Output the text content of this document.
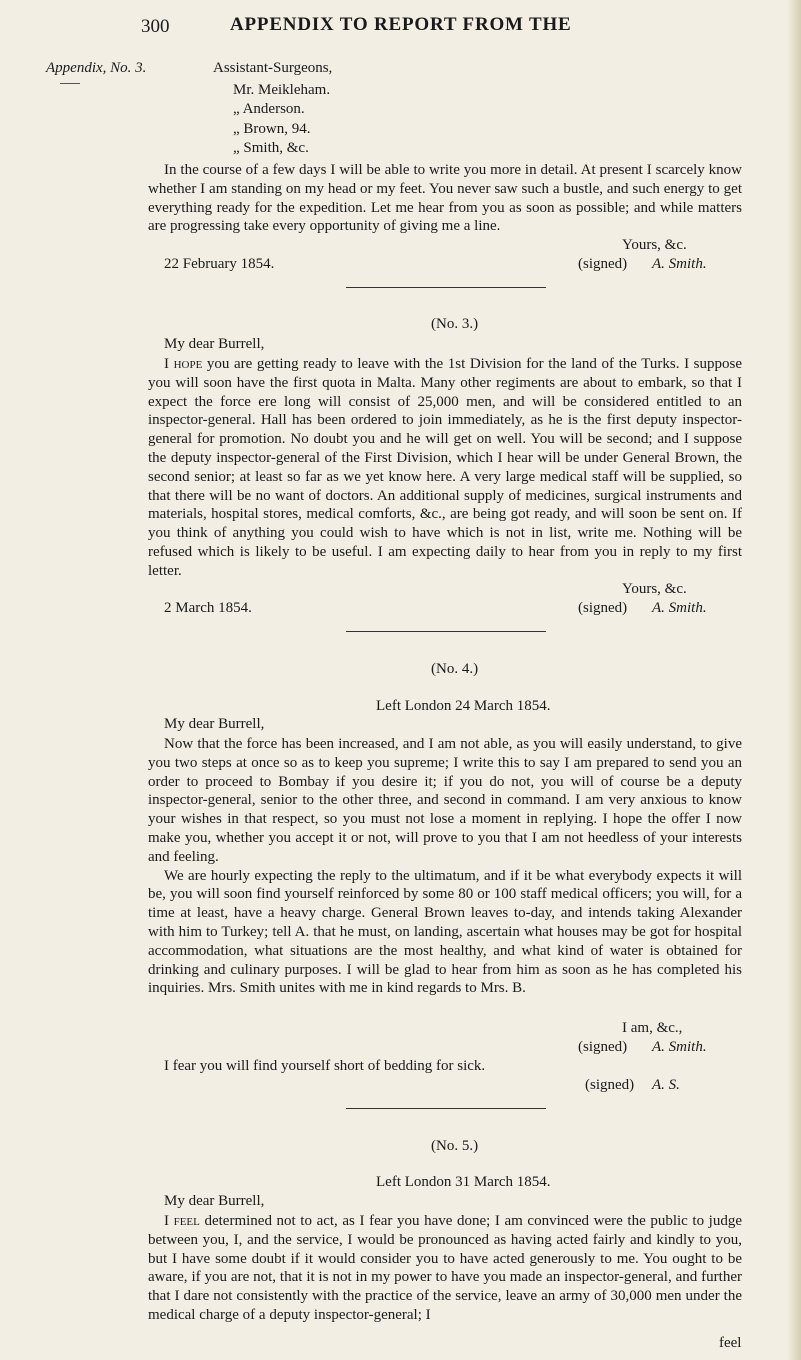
300	APPENDIX TO REPORT FROM THE
Appendix, No. 3.	Assistant-Surgeons,
Mr. Meikleham.
„ Anderson.
„ Brown, 94.
„ Smith, &c.

In the course of a few days I will be able to write you more in detail. At present I scarcely know whether I am standing on my head or my feet. You never saw such a bustle, and such energy to get everything ready for the expedition. Let me hear from you as soon as possible; and while matters are progressing take every opportunity of giving me a line.

Yours, &c.
22 February 1854.	(signed) A. Smith.
(No. 3.)
My dear Burrell,

I hope you are getting ready to leave with the 1st Division for the land of the Turks. I suppose you will soon have the first quota in Malta. Many other regiments are about to embark, so that I expect the force ere long will consist of 25,000 men, and will be considered entitled to an inspector-general. Hall has been ordered to join immediately, as he is the first deputy inspector-general for promotion. No doubt you and he will get on well. You will be second; and I suppose the deputy inspector-general of the First Division, which I hear will be under General Brown, the second senior; at least so far as we yet know here. A very large medical staff will be supplied, so that there will be no want of doctors. An additional supply of medicines, surgical instruments and materials, hospital stores, medical comforts, &c., are being got ready, and will soon be sent on. If you think of anything you could wish to have which is not in list, write me. Nothing will be refused which is likely to be useful. I am expecting daily to hear from you in reply to my first letter.

Yours, &c.
2 March 1854.	(signed) A. Smith.
(No. 4.)
Left London 24 March 1854.
My dear Burrell,

Now that the force has been increased, and I am not able, as you will easily understand, to give you two steps at once so as to keep you supreme; I write this to say I am prepared to send you an order to proceed to Bombay if you desire it; if you do not, you will of course be a deputy inspector-general, senior to the other three, and second in command. I am very anxious to know your wishes in that respect, so you must not lose a moment in replying. I hope the offer I now make you, whether you accept it or not, will prove to you that I am not heedless of your interests and feeling.

We are hourly expecting the reply to the ultimatum, and if it be what everybody expects it will be, you will soon find yourself reinforced by some 80 or 100 staff medical officers; you will, for a time at least, have a heavy charge. General Brown leaves to-day, and intends taking Alexander with him to Turkey; tell A. that he must, on landing, ascertain what houses may be got for hospital accommodation, what situations are the most healthy, and what kind of water is obtained for drinking and culinary purposes. I will be glad to hear from him as soon as he has completed his inquiries. Mrs. Smith unites with me in kind regards to Mrs. B.

I am, &c.,
(signed) A. Smith.
I fear you will find yourself short of bedding for sick.
(signed) A. S.
(No. 5.)
Left London 31 March 1854.
My dear Burrell,

I feel determined not to act, as I fear you have done; I am convinced were the public to judge between you, I, and the service, I would be pronounced as having acted fairly and kindly to you, but I have some doubt if it would consider you to have acted generously to me. You ought to be aware, if you are not, that it is not in my power to have you made an inspector-general, and further that I dare not consistently with the practice of the service, leave an army of 30,000 men under the medical charge of a deputy inspector-general; I

feel
